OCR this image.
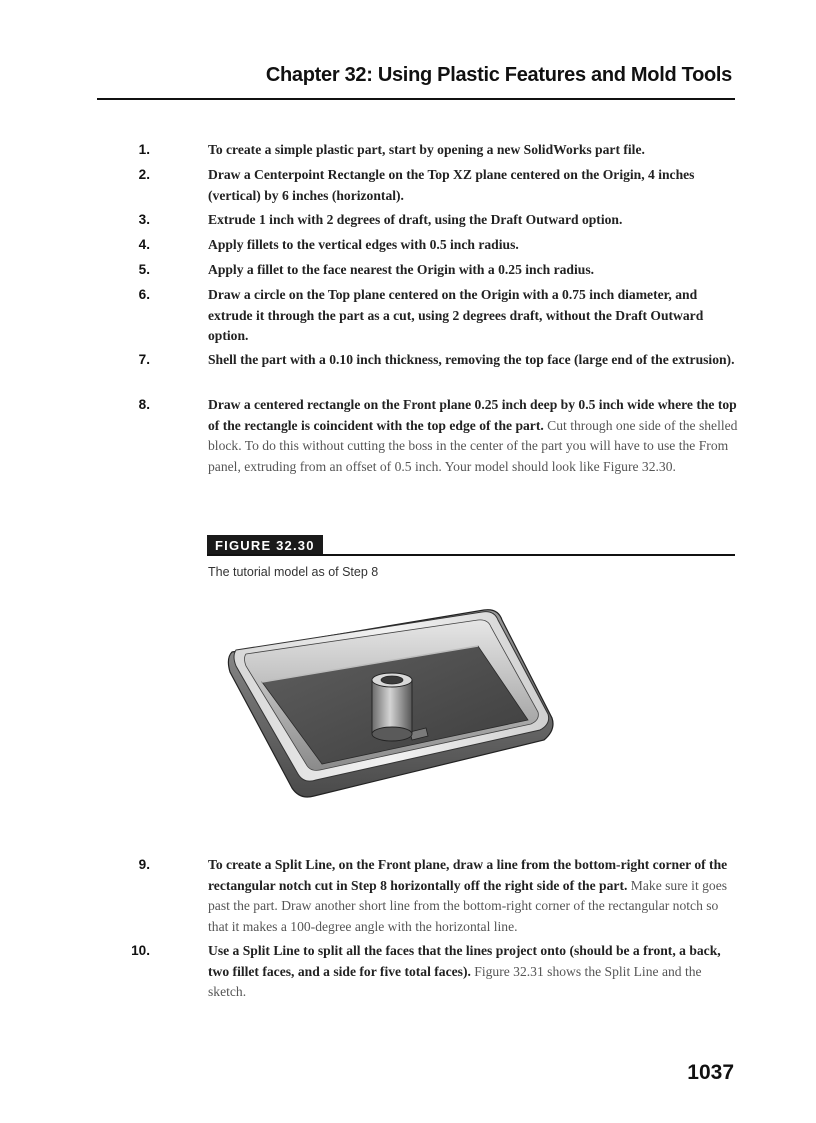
Chapter 32: Using Plastic Features and Mold Tools
1.	To create a simple plastic part, start by opening a new SolidWorks part file.
2.	Draw a Centerpoint Rectangle on the Top XZ plane centered on the Origin, 4 inches (vertical) by 6 inches (horizontal).
3.	Extrude 1 inch with 2 degrees of draft, using the Draft Outward option.
4.	Apply fillets to the vertical edges with 0.5 inch radius.
5.	Apply a fillet to the face nearest the Origin with a 0.25 inch radius.
6.	Draw a circle on the Top plane centered on the Origin with a 0.75 inch diameter, and extrude it through the part as a cut, using 2 degrees draft, without the Draft Outward option.
7.	Shell the part with a 0.10 inch thickness, removing the top face (large end of the extrusion).
8.	Draw a centered rectangle on the Front plane 0.25 inch deep by 0.5 inch wide where the top of the rectangle is coincident with the top edge of the part. Cut through one side of the shelled block. To do this without cutting the boss in the center of the part you will have to use the From panel, extruding from an offset of 0.5 inch. Your model should look like Figure 32.30.
FIGURE 32.30
The tutorial model as of Step 8
9.	To create a Split Line, on the Front plane, draw a line from the bottom-right corner of the rectangular notch cut in Step 8 horizontally off the right side of the part. Make sure it goes past the part. Draw another short line from the bottom-right corner of the rectangular notch so that it makes a 100-degree angle with the horizontal line.
10.	Use a Split Line to split all the faces that the lines project onto (should be a front, a back, two fillet faces, and a side for five total faces). Figure 32.31 shows the Split Line and the sketch.
1037
